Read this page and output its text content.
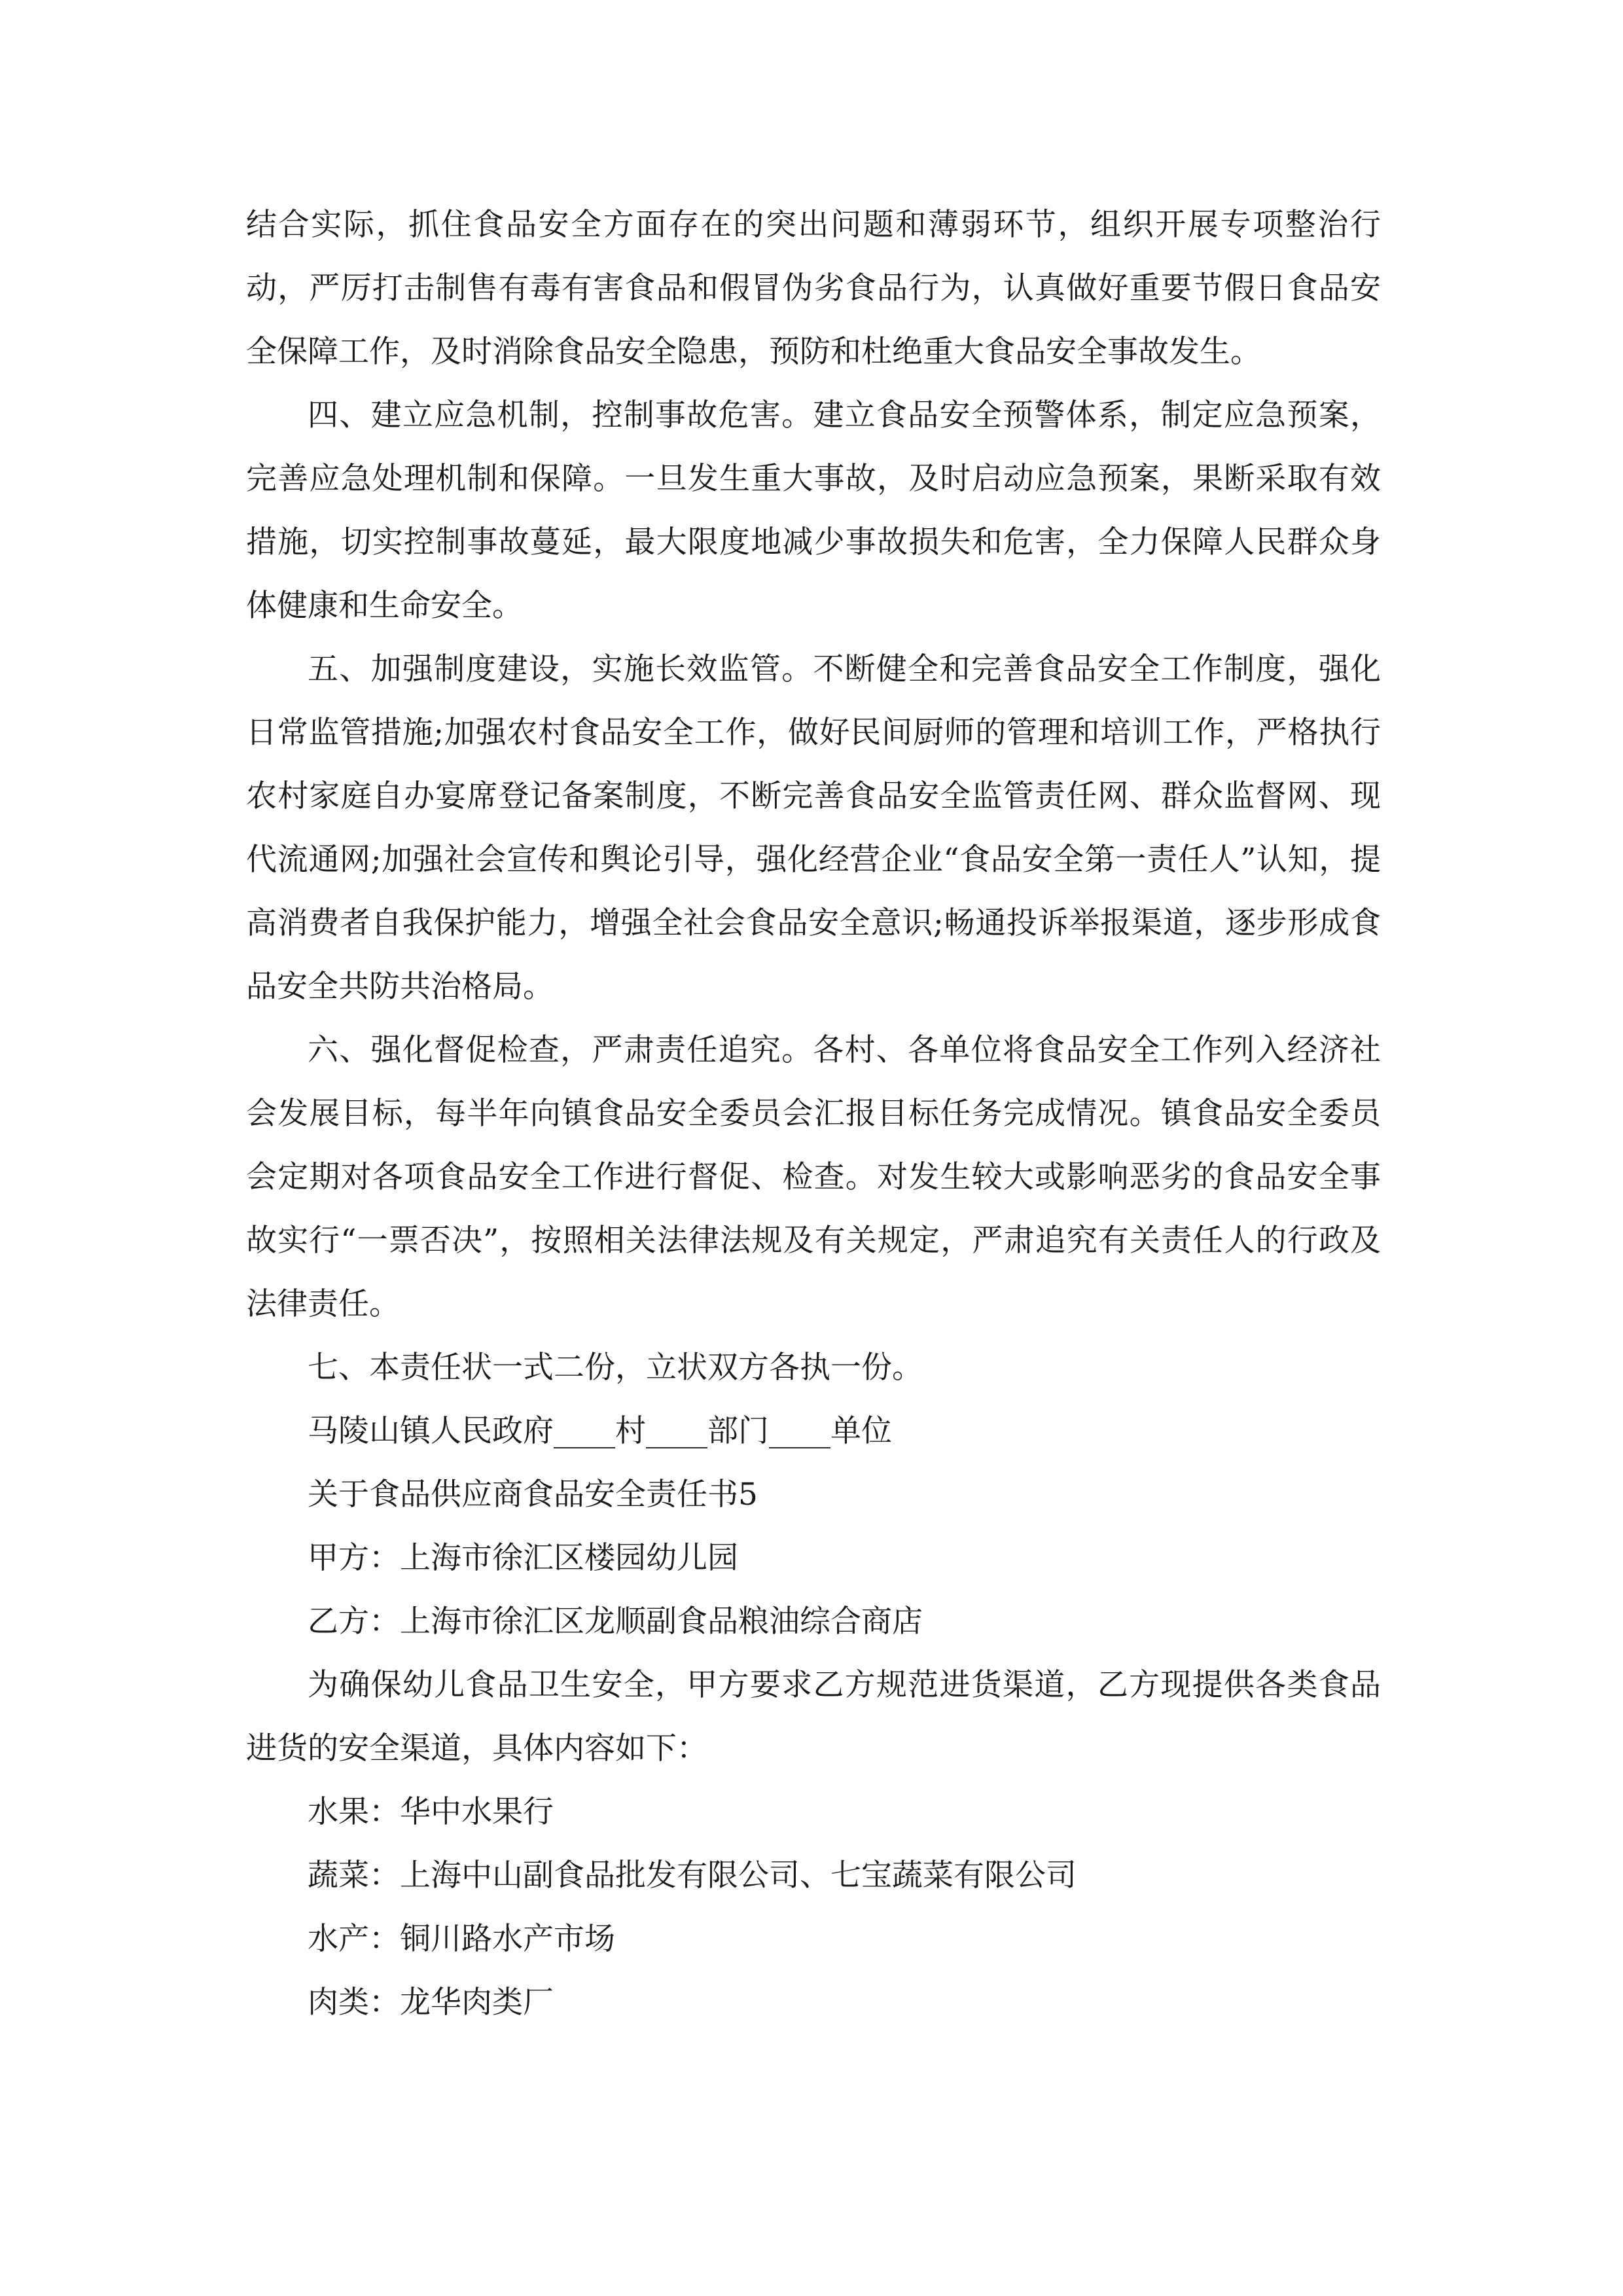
结合实际，抓住食品安全方面存在的突出问题和薄弱环节，组织开展专项整治行动，严厉打击制售有毒有害食品和假冒伪劣食品行为，认真做好重要节假日食品安全保障工作，及时消除食品安全隐患，预防和杜绝重大食品安全事故发生。

四、建立应急机制，控制事故危害。建立食品安全预警体系，制定应急预案，完善应急处理机制和保障。一旦发生重大事故，及时启动应急预案，果断采取有效措施，切实控制事故蔓延，最大限度地减少事故损失和危害，全力保障人民群众身体健康和生命安全。

五、加强制度建设，实施长效监管。不断健全和完善食品安全工作制度，强化日常监管措施;加强农村食品安全工作，做好民间厨师的管理和培训工作，严格执行农村家庭自办宴席登记备案制度，不断完善食品安全监管责任网、群众监督网、现代流通网;加强社会宣传和舆论引导，强化经营企业“食品安全第一责任人”认知，提高消费者自我保护能力，增强全社会食品安全意识;畅通投诉举报渠道，逐步形成食品安全共防共治格局。

六、强化督促检查，严肃责任追究。各村、各单位将食品安全工作列入经济社会发展目标，每半年向镇食品安全委员会汇报目标任务完成情况。镇食品安全委员会定期对各项食品安全工作进行督促、检查。对发生较大或影响恶劣的食品安全事故实行“一票否决”，按照相关法律法规及有关规定，严肃追究有关责任人的行政及法律责任。

七、本责任状一式二份，立状双方各执一份。

马陵山镇人民政府____村____部门____单位

关于食品供应商食品安全责任书5

甲方：上海市徐汇区楼园幼儿园

乙方：上海市徐汇区龙顺副食品粮油综合商店

为确保幼儿食品卫生安全，甲方要求乙方规范进货渠道，乙方现提供各类食品进货的安全渠道，具体内容如下：

水果：华中水果行

蔬菜：上海中山副食品批发有限公司、七宝蔬菜有限公司

水产：铜川路水产市场

肉类：龙华肉类厂
